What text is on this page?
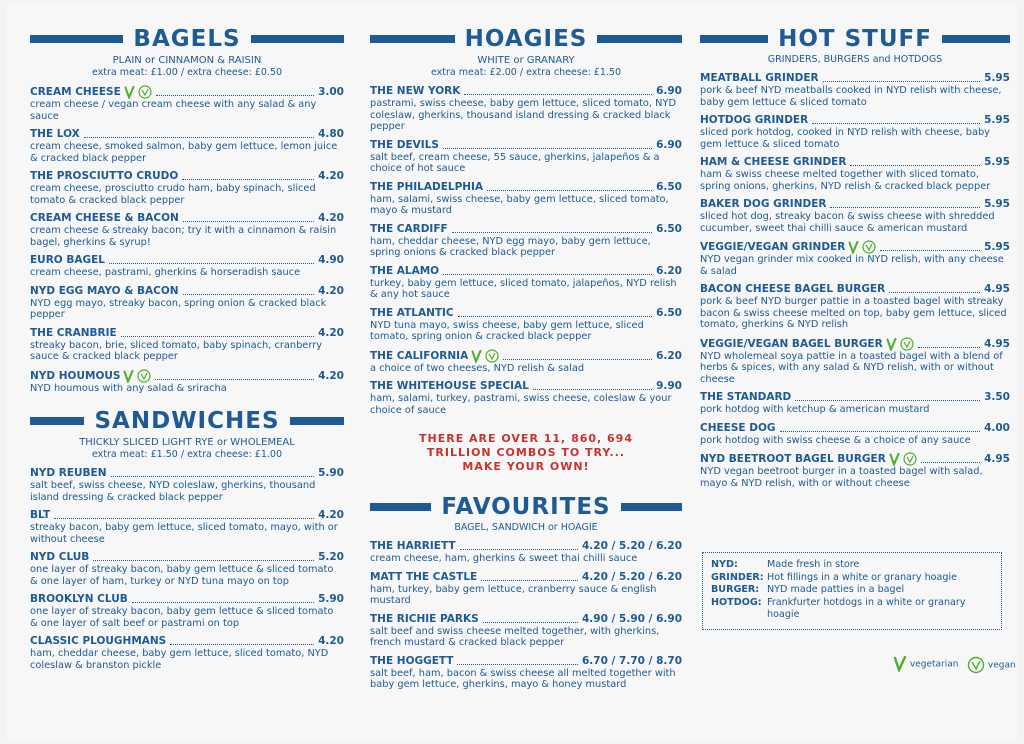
BAGELS
PLAIN or CINNAMON & RAISIN
extra meat: £1.00 / extra cheese: £0.50
CREAM CHEESE	3.00
cream cheese / vegan cream cheese with any salad & any sauce
THE LOX	4.80
cream cheese, smoked salmon, baby gem lettuce, lemon juice & cracked black pepper
THE PROSCIUTTO CRUDO	4.20
cream cheese, prosciutto crudo ham, baby spinach, sliced tomato & cracked black pepper
CREAM CHEESE & BACON	4.20
cream cheese & streaky bacon; try it with a cinnamon & raisin bagel, gherkins & syrup!
EURO BAGEL	4.90
cream cheese, pastrami, gherkins & horseradish sauce
NYD EGG MAYO & BACON	4.20
NYD egg mayo, streaky bacon, spring onion & cracked black pepper
THE CRANBRIE	4.20
streaky bacon, brie, sliced tomato, baby spinach, cranberry sauce & cracked black pepper
NYD HOUMOUS	4.20
NYD houmous with any salad & sriracha
SANDWICHES
THICKLY SLICED LIGHT RYE or WHOLEMEAL
extra meat: £1.50 / extra cheese: £1.00
NYD REUBEN	5.90
salt beef, swiss cheese, NYD coleslaw, gherkins, thousand island dressing & cracked black pepper
BLT	4.20
streaky bacon, baby gem lettuce, sliced tomato, mayo, with or without cheese
NYD CLUB	5.20
one layer of streaky bacon, baby gem lettuce & sliced tomato & one layer of ham, turkey or NYD tuna mayo on top
BROOKLYN CLUB	5.90
one layer of streaky bacon, baby gem lettuce & sliced tomato & one layer of salt beef or pastrami on top
CLASSIC PLOUGHMANS	4.20
ham, cheddar cheese, baby gem lettuce, sliced tomato, NYD coleslaw & branston pickle
HOAGIES
WHITE or GRANARY
extra meat: £2.00 / extra cheese: £1.50
THE NEW YORK	6.90
pastrami, swiss cheese, baby gem lettuce, sliced tomato, NYD coleslaw, gherkins, thousand island dressing & cracked black pepper
THE DEVILS	6.90
salt beef, cream cheese, 55 sauce, gherkins, jalapeños & a choice of hot sauce
THE PHILADELPHIA	6.50
ham, salami, swiss cheese, baby gem lettuce, sliced tomato, mayo & mustard
THE CARDIFF	6.50
ham, cheddar cheese, NYD egg mayo, baby gem lettuce, spring onions & cracked black pepper
THE ALAMO	6.20
turkey, baby gem lettuce, sliced tomato, jalapeños, NYD relish & any hot sauce
THE ATLANTIC	6.50
NYD tuna mayo, swiss cheese, baby gem lettuce, sliced tomato, spring onion & cracked black pepper
THE CALIFORNIA	6.20
a choice of two cheeses, NYD relish & salad
THE WHITEHOUSE SPECIAL	9.90
ham, salami, turkey, pastrami, swiss cheese, coleslaw & your choice of sauce
THERE ARE OVER 11, 860, 694
TRILLION COMBOS TO TRY...
MAKE YOUR OWN!
FAVOURITES
BAGEL, SANDWICH or HOAGIE
THE HARRIETT	4.20 / 5.20 / 6.20
cream cheese, ham, gherkins & sweet thai chilli sauce
MATT THE CASTLE	4.20 / 5.20 / 6.20
ham, turkey, baby gem lettuce, cranberry sauce & english mustard
THE RICHIE PARKS	4.90 / 5.90 / 6.90
salt beef and swiss cheese melted together, with gherkins, french mustard & cracked black pepper
THE HOGGETT	6.70 / 7.70 / 8.70
salt beef, ham, bacon & swiss cheese all melted together with baby gem lettuce, gherkins, mayo & honey mustard
HOT STUFF
GRINDERS, BURGERS and HOTDOGS
MEATBALL GRINDER	5.95
pork & beef NYD meatballs cooked in NYD relish with cheese, baby gem lettuce & sliced tomato
HOTDOG GRINDER	5.95
sliced pork hotdog, cooked in NYD relish with cheese, baby gem lettuce & sliced tomato
HAM & CHEESE GRINDER	5.95
ham & swiss cheese melted together with sliced tomato, spring onions, gherkins, NYD relish & cracked black pepper
BAKER DOG GRINDER	5.95
sliced hot dog, streaky bacon & swiss cheese with shredded cucumber, sweet thai chilli sauce & american mustard
VEGGIE/VEGAN GRINDER	5.95
NYD vegan grinder mix cooked in NYD relish, with any cheese & salad
BACON CHEESE BAGEL BURGER	4.95
pork & beef NYD burger pattie in a toasted bagel with streaky bacon & swiss cheese melted on top, baby gem lettuce, sliced tomato, gherkins & NYD relish
VEGGIE/VEGAN BAGEL BURGER	4.95
NYD wholemeal soya pattie in a toasted bagel with a blend of herbs & spices, with any salad & NYD relish, with or without cheese
THE STANDARD	3.50
pork hotdog with ketchup & american mustard
CHEESE DOG	4.00
pork hotdog with swiss cheese & a choice of any sauce
NYD BEETROOT BAGEL BURGER	4.95
NYD vegan beetroot burger in a toasted bagel with salad, mayo & NYD relish, with or without cheese
NYD:	Made fresh in store
GRINDER: Hot fillings in a white or granary hoagie
BURGER: NYD made patties in a bagel
HOTDOG: Frankfurter hotdogs in a white or granary hoagie
vegetarian	vegan
